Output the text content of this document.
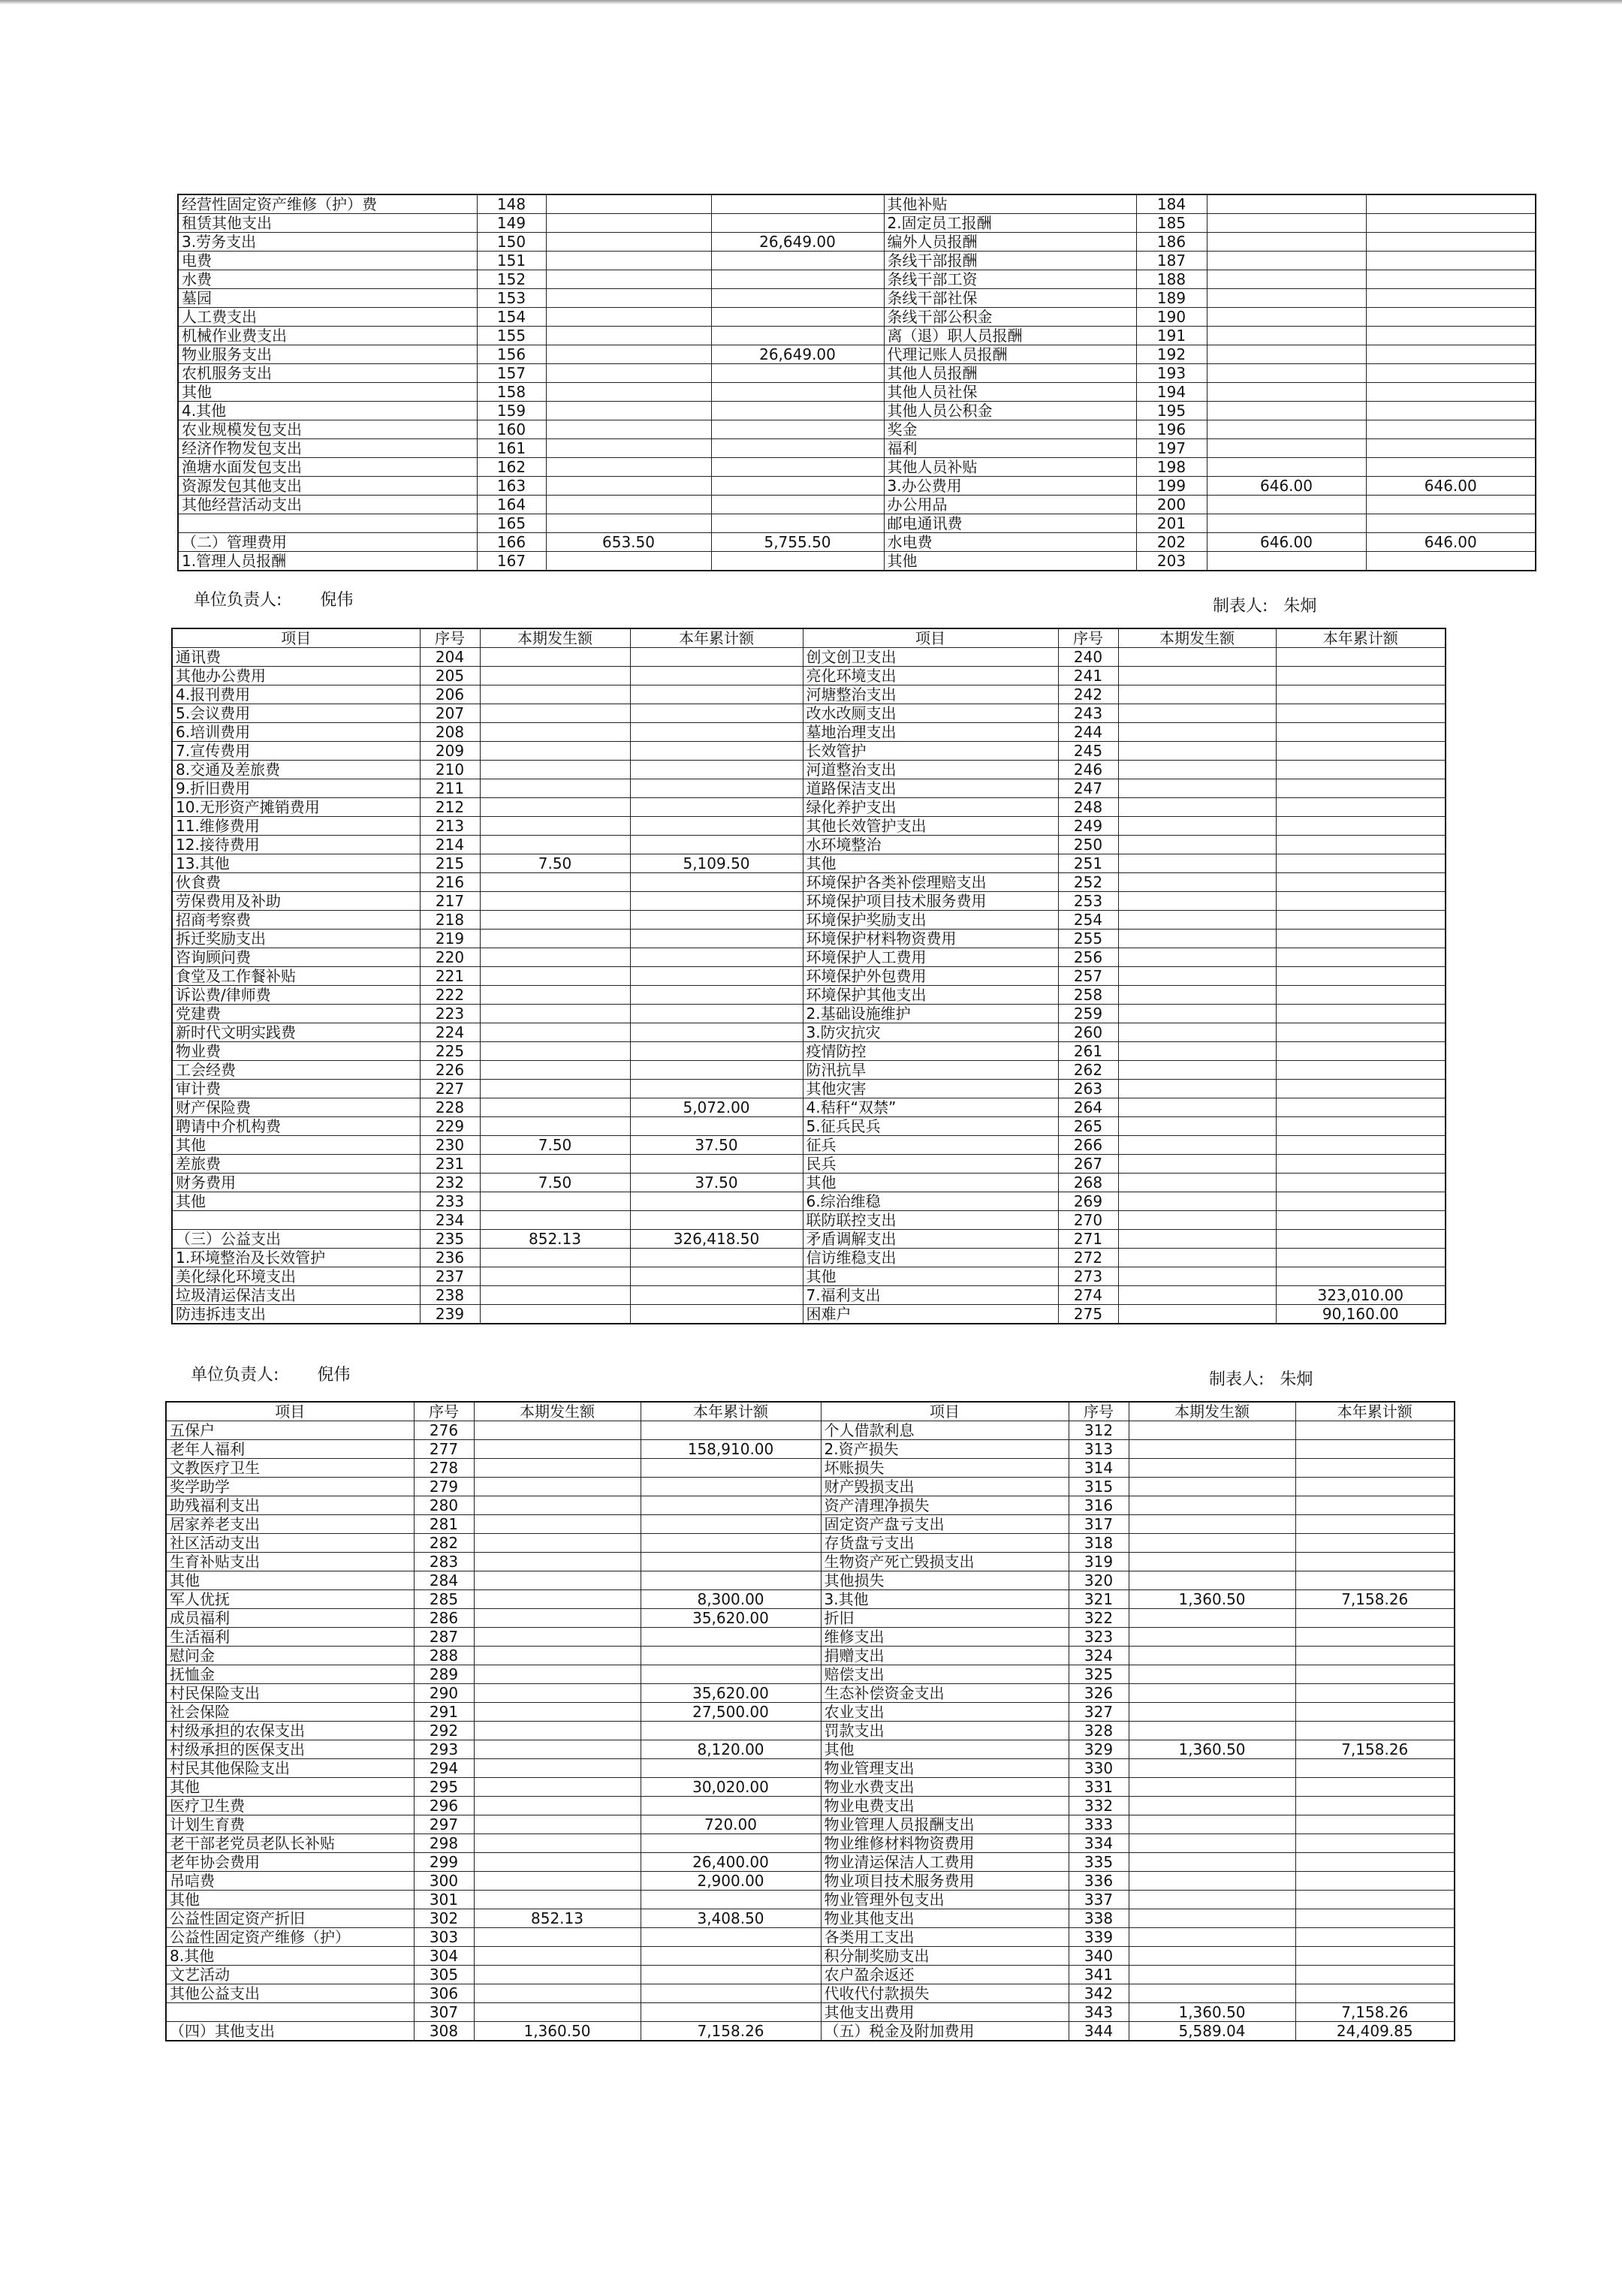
经营性固定资产维修（护）费	148			其他补贴	184		
租赁其他支出	149			2.固定员工报酬	185		
3.劳务支出	150		26,649.00	编外人员报酬	186		
电费	151			条线干部报酬	187		
水费	152			条线干部工资	188		
墓园	153			条线干部社保	189		
人工费支出	154			条线干部公积金	190		
机械作业费支出	155			离（退）职人员报酬	191		
物业服务支出	156		26,649.00	代理记账人员报酬	192		
农机服务支出	157			其他人员报酬	193		
其他	158			其他人员社保	194		
4.其他	159			其他人员公积金	195		
农业规模发包支出	160			奖金	196		
经济作物发包支出	161			福利	197		
渔塘水面发包支出	162			其他人员补贴	198		
资源发包其他支出	163			3.办公费用	199	646.00	646.00
其他经营活动支出	164			办公用品	200		
	165			邮电通讯费	201		
（二）管理费用	166	653.50	5,755.50	水电费	202	646.00	646.00
1.管理人员报酬	167			其他	203		
单位负责人: 倪伟	制表人: 朱炯
项目	序号	本期发生额	本年累计额	项目	序号	本期发生额	本年累计额
通讯费	204			创文创卫支出	240		
其他办公费用	205			亮化环境支出	241		
4.报刊费用	206			河塘整治支出	242		
5.会议费用	207			改水改厕支出	243		
6.培训费用	208			墓地治理支出	244		
7.宣传费用	209			长效管护	245		
8.交通及差旅费	210			河道整治支出	246		
9.折旧费用	211			道路保洁支出	247		
10.无形资产摊销费用	212			绿化养护支出	248		
11.维修费用	213			其他长效管护支出	249		
12.接待费用	214			水环境整治	250		
13.其他	215	7.50	5,109.50	其他	251		
伙食费	216			环境保护各类补偿理赔支出	252		
劳保费用及补助	217			环境保护项目技术服务费用	253		
招商考察费	218			环境保护奖励支出	254		
拆迁奖励支出	219			环境保护材料物资费用	255		
咨询顾问费	220			环境保护人工费用	256		
食堂及工作餐补贴	221			环境保护外包费用	257		
诉讼费/律师费	222			环境保护其他支出	258		
党建费	223			2.基础设施维护	259		
新时代文明实践费	224			3.防灾抗灾	260		
物业费	225			疫情防控	261		
工会经费	226			防汛抗旱	262		
审计费	227			其他灾害	263		
财产保险费	228		5,072.00	4.秸秆“双禁”	264		
聘请中介机构费	229			5.征兵民兵	265		
其他	230	7.50	37.50	征兵	266		
差旅费	231			民兵	267		
财务费用	232	7.50	37.50	其他	268		
其他	233			6.综治维稳	269		
	234			联防联控支出	270		
（三）公益支出	235	852.13	326,418.50	矛盾调解支出	271		
1.环境整治及长效管护	236			信访维稳支出	272		
美化绿化环境支出	237			其他	273		
垃圾清运保洁支出	238			7.福利支出	274		323,010.00
防违拆违支出	239			困难户	275		90,160.00
单位负责人: 倪伟	制表人: 朱炯
项目	序号	本期发生额	本年累计额	项目	序号	本期发生额	本年累计额
五保户	276			个人借款利息	312		
老年人福利	277		158,910.00	2.资产损失	313		
文教医疗卫生	278			坏账损失	314		
奖学助学	279			财产毁损支出	315		
助残福利支出	280			资产清理净损失	316		
居家养老支出	281			固定资产盘亏支出	317		
社区活动支出	282			存货盘亏支出	318		
生育补贴支出	283			生物资产死亡毁损支出	319		
其他	284			其他损失	320		
军人优抚	285		8,300.00	3.其他	321	1,360.50	7,158.26
成员福利	286		35,620.00	折旧	322		
生活福利	287			维修支出	323		
慰问金	288			捐赠支出	324		
抚恤金	289			赔偿支出	325		
村民保险支出	290		35,620.00	生态补偿资金支出	326		
社会保险	291		27,500.00	农业支出	327		
村级承担的农保支出	292			罚款支出	328		
村级承担的医保支出	293		8,120.00	其他	329	1,360.50	7,158.26
村民其他保险支出	294			物业管理支出	330		
其他	295		30,020.00	物业水费支出	331		
医疗卫生费	296			物业电费支出	332		
计划生育费	297		720.00	物业管理人员报酬支出	333		
老干部老党员老队长补贴	298			物业维修材料物资费用	334		
老年协会费用	299		26,400.00	物业清运保洁人工费用	335		
吊唁费	300		2,900.00	物业项目技术服务费用	336		
其他	301			物业管理外包支出	337		
公益性固定资产折旧	302	852.13	3,408.50	物业其他支出	338		
公益性固定资产维修（护）	303			各类用工支出	339		
8.其他	304			积分制奖励支出	340		
文艺活动	305			农户盈余返还	341		
其他公益支出	306			代收代付款损失	342		
	307			其他支出费用	343	1,360.50	7,158.26
（四）其他支出	308	1,360.50	7,158.26	（五）税金及附加费用	344	5,589.04	24,409.85
